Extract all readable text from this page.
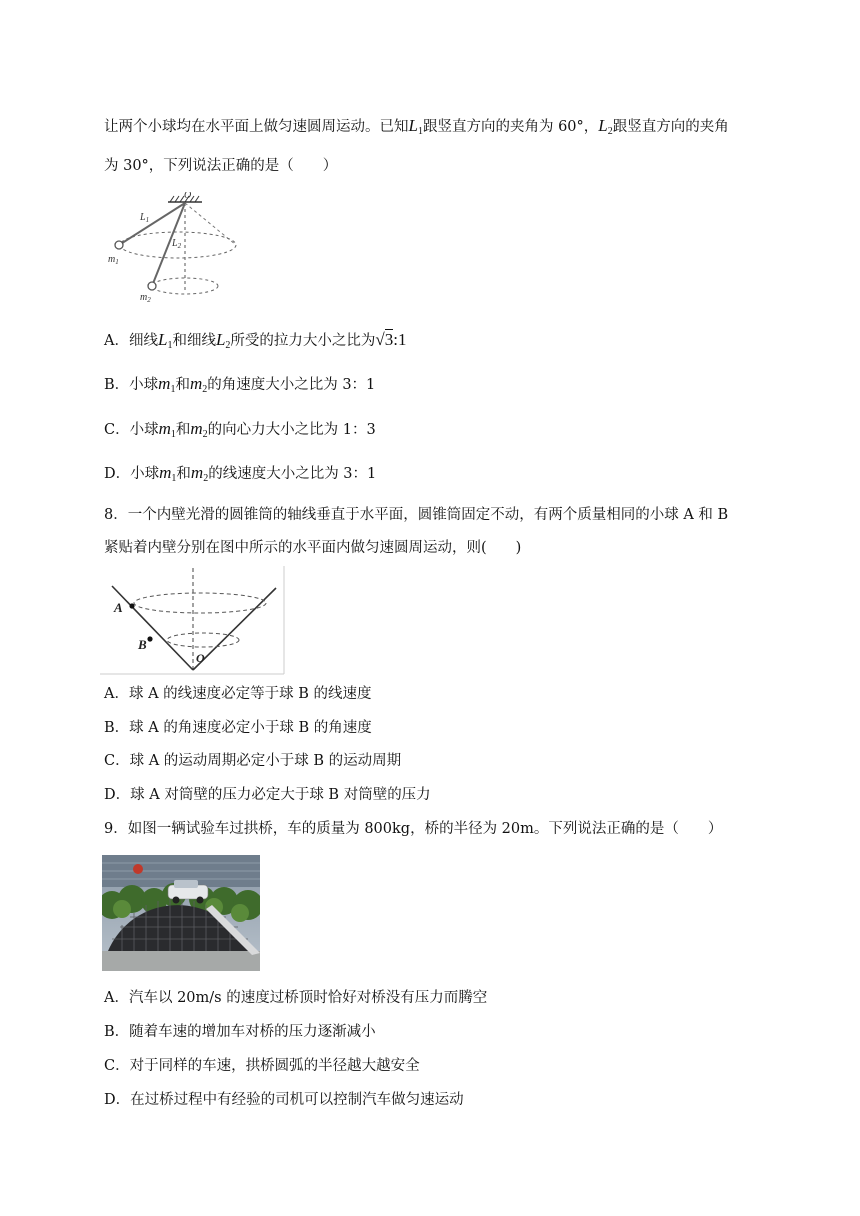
让两个小球均在水平面上做匀速圆周运动。已知$L_1$跟竖直方向的夹角为 60°，$L_2$跟竖直方向的夹角
为 30°，下列说法正确的是（　　）
O
$L_1$
$L_2$
$m_1$
$m_2$
A．细线$L_1$和细线$L_2$所受的拉力大小之比为√3:1
B．小球$m_1$和$m_2$的角速度大小之比为 3：1
C．小球$m_1$和$m_2$的向心力大小之比为 1：3
D．小球$m_1$和$m_2$的线速度大小之比为 3：1
8．一个内壁光滑的圆锥筒的轴线垂直于水平面，圆锥筒固定不动，有两个质量相同的小球 A 和 B
紧贴着内壁分别在图中所示的水平面内做匀速圆周运动，则(　　)
A
B
O
A．球 A 的线速度必定等于球 B 的线速度
B．球 A 的角速度必定小于球 B 的角速度
C．球 A 的运动周期必定小于球 B 的运动周期
D．球 A 对筒壁的压力必定大于球 B 对筒壁的压力
9．如图一辆试验车过拱桥，车的质量为 800kg，桥的半径为 20m。下列说法正确的是（　　）
A．汽车以 20m/s 的速度过桥顶时恰好对桥没有压力而腾空
B．随着车速的增加车对桥的压力逐渐减小
C．对于同样的车速，拱桥圆弧的半径越大越安全
D．在过桥过程中有经验的司机可以控制汽车做匀速运动
